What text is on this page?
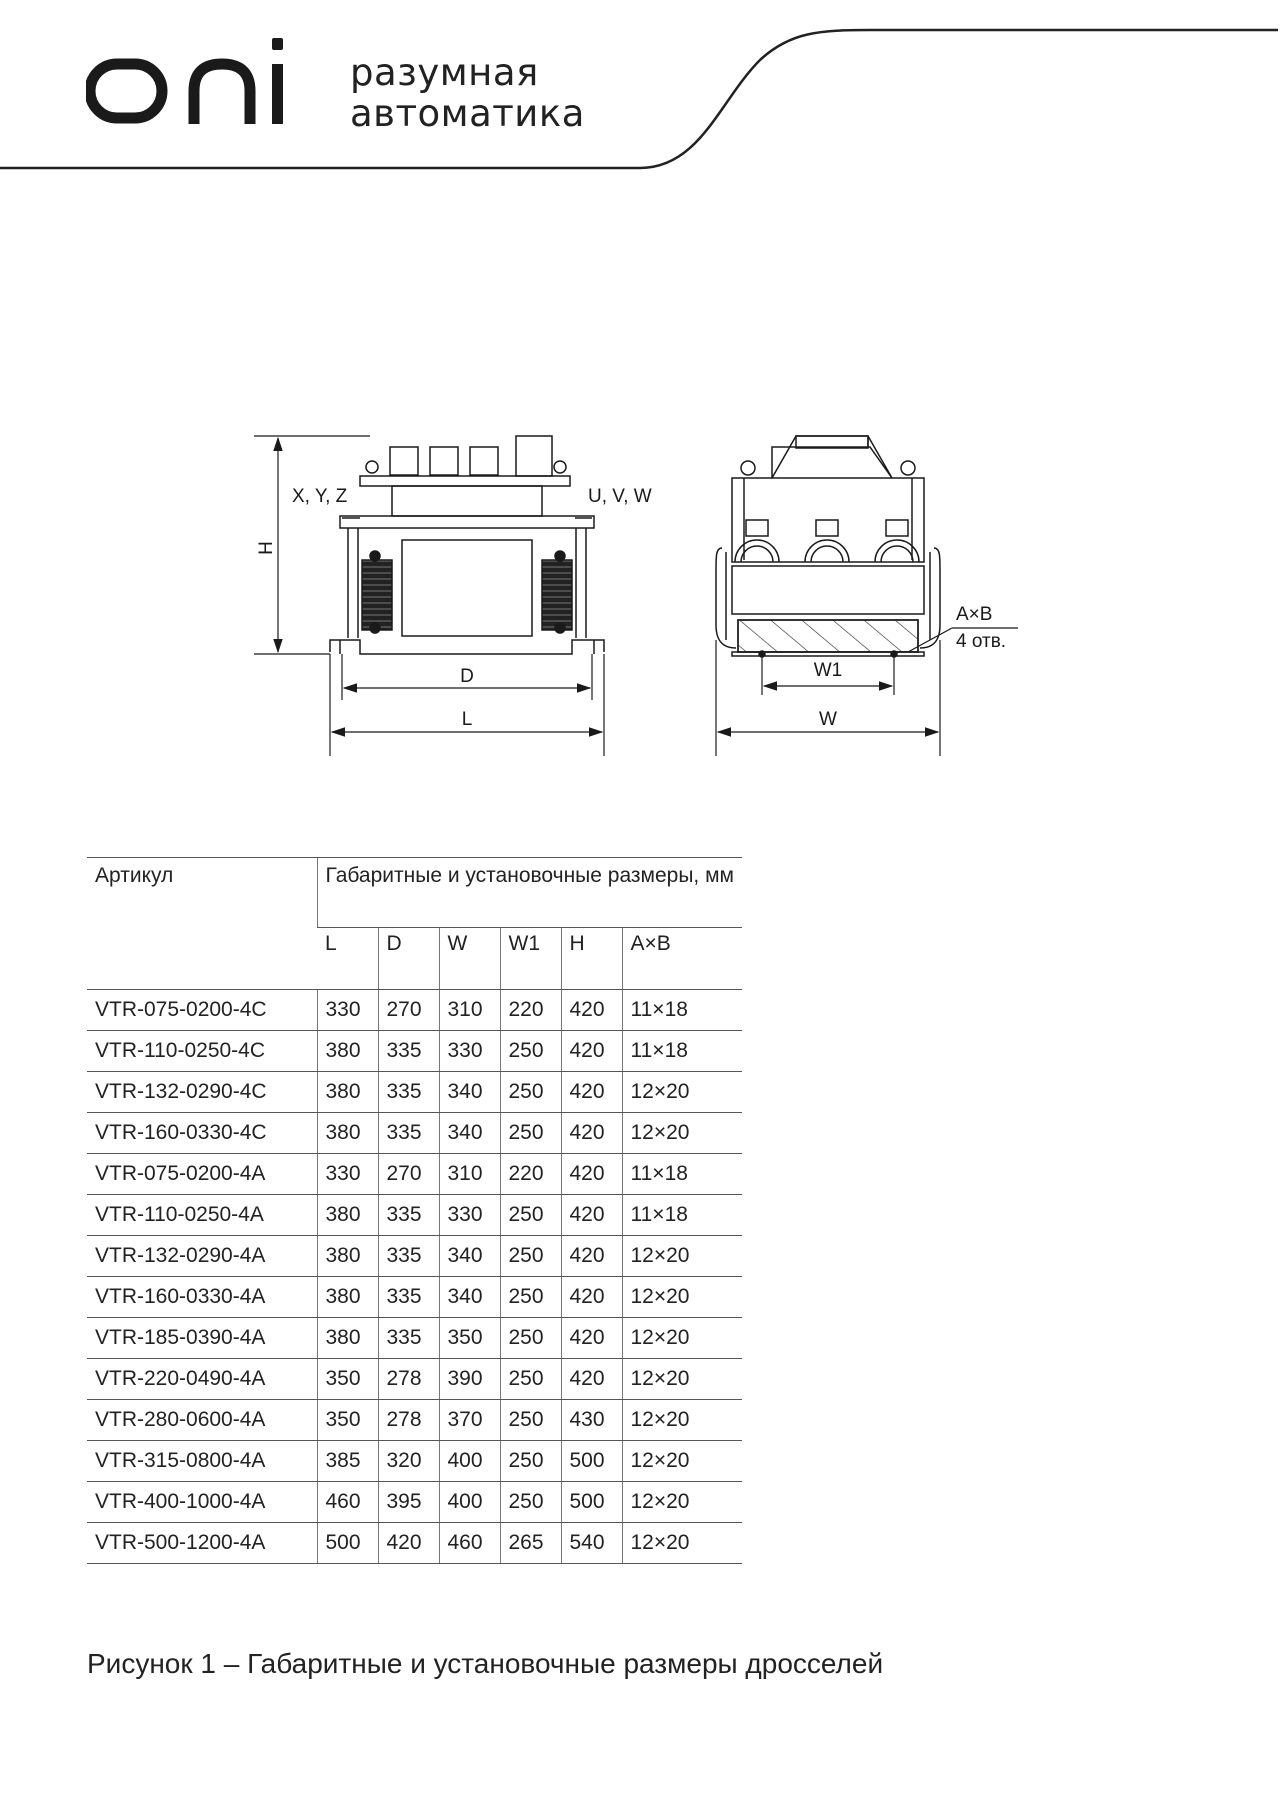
разумная
автоматика
H
X, Y, Z	U, V, W
D
L
A×B
4 отв.
W1
W
Артикул	Габаритные и установочные размеры, мм					
	L	D	W	W1	H	A×B
VTR-075-0200-4C	330	270	310	220	420	11×18
VTR-110-0250-4C	380	335	330	250	420	11×18
VTR-132-0290-4C	380	335	340	250	420	12×20
VTR-160-0330-4C	380	335	340	250	420	12×20
VTR-075-0200-4A	330	270	310	220	420	11×18
VTR-110-0250-4A	380	335	330	250	420	11×18
VTR-132-0290-4A	380	335	340	250	420	12×20
VTR-160-0330-4A	380	335	340	250	420	12×20
VTR-185-0390-4A	380	335	350	250	420	12×20
VTR-220-0490-4A	350	278	390	250	420	12×20
VTR-280-0600-4A	350	278	370	250	430	12×20
VTR-315-0800-4A	385	320	400	250	500	12×20
VTR-400-1000-4A	460	395	400	250	500	12×20
VTR-500-1200-4A	500	420	460	265	540	12×20
Рисунок 1 – Габаритные и установочные размеры дросселей
